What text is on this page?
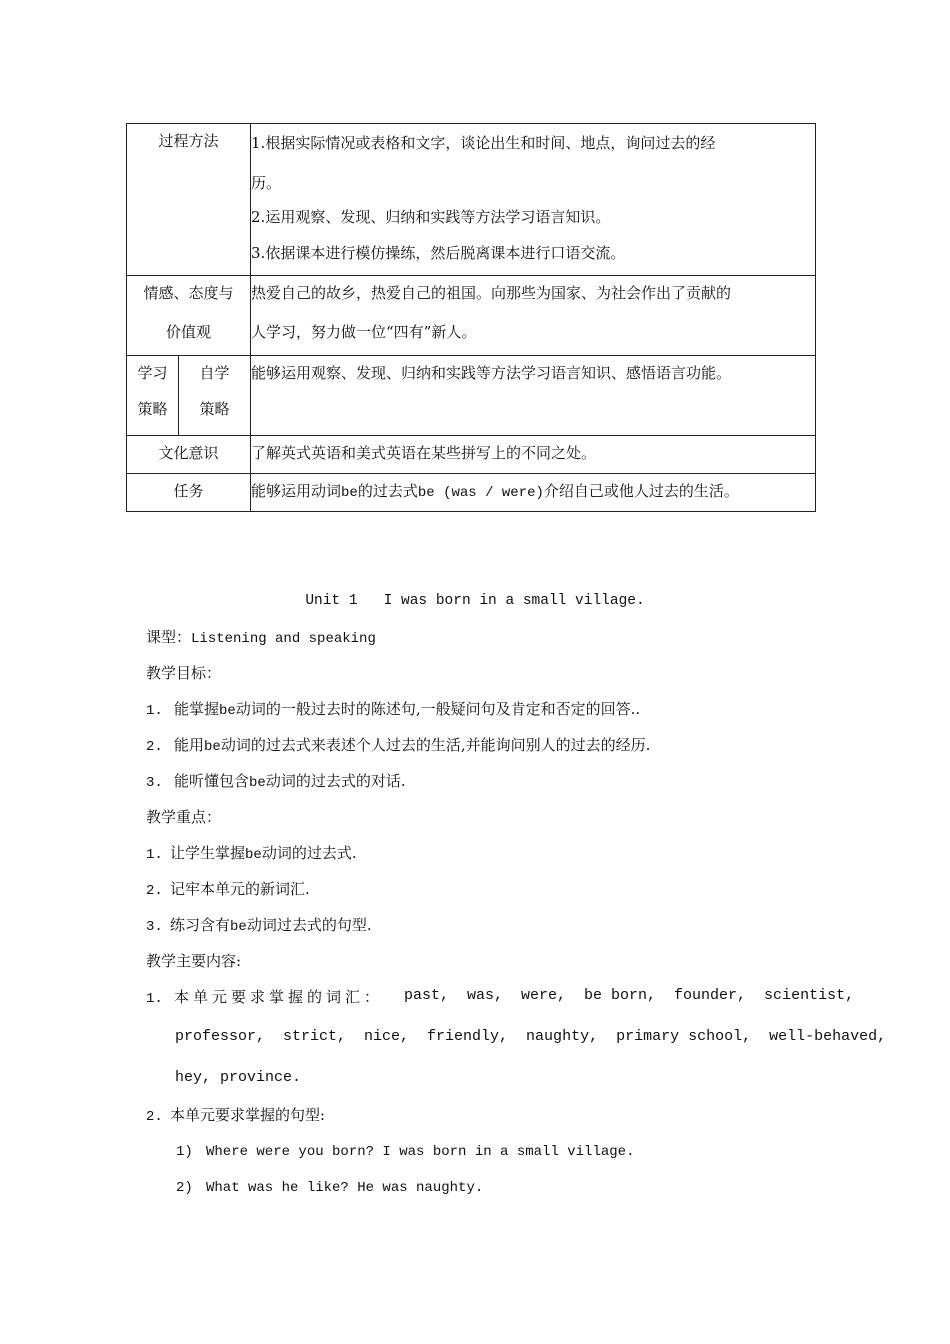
过程方法		1.根据实际情况或表格和文字，谈论出生和时间、地点，询问过去的经
历。
2.运用观察、发现、归纳和实践等方法学习语言知识。
3.依据课本进行模仿操练，然后脱离课本进行口语交流。

情感、态度与
价值观		热爱自己的故乡，热爱自己的祖国。向那些为国家、为社会作出了贡献的
人学习，努力做一位“四有”新人。

学习
策略	自学
策略	能够运用观察、发现、归纳和实践等方法学习语言知识、感悟语言功能。

文化意识		了解英式英语和美式英语在某些拼写上的不同之处。

任务		能够运用动词be的过去式be (was / were)介绍自己或他人过去的生活。
Unit 1   I was born in a small village.
课型：Listening and speaking
教学目标：
1. 能掌握be动词的一般过去时的陈述句,一般疑问句及肯定和否定的回答..
2. 能用be动词的过去式来表述个人过去的生活,并能询问别人的过去的经历.
3. 能听懂包含be动词的过去式的对话.
教学重点：
1. 让学生掌握be动词的过去式.
2. 记牢本单元的新词汇.
3. 练习含有be动词过去式的句型.
教学主要内容:
1. 本单元要求掌握的词汇： past,  was,  were,  be born,  founder,  scientist,
professor,  strict,  nice,  friendly,  naughty,  primary school,  well-behaved,
hey, province.
2. 本单元要求掌握的句型:
1) Where were you born? I was born in a small village.
2) What was he like? He was naughty.
